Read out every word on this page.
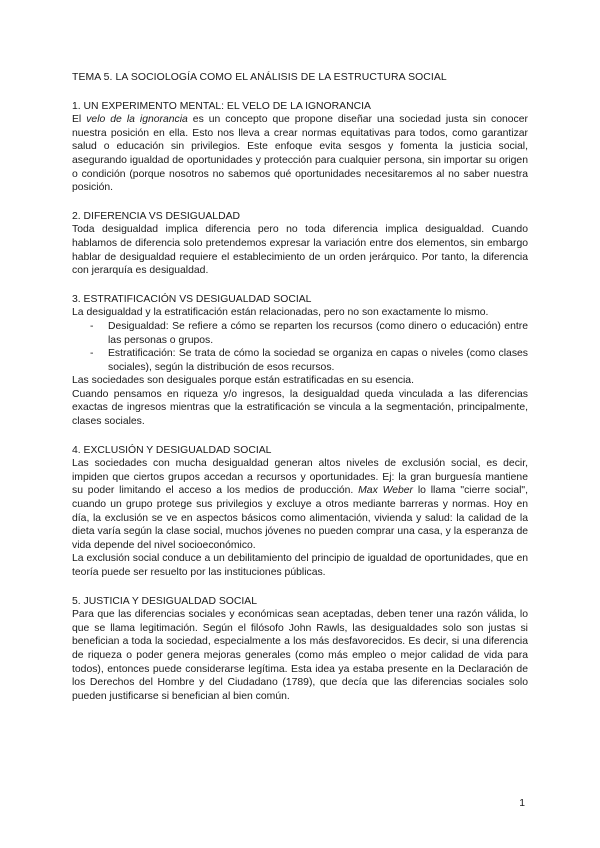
TEMA 5. LA SOCIOLOGÍA COMO EL ANÁLISIS DE LA ESTRUCTURA SOCIAL
1. UN EXPERIMENTO MENTAL: EL VELO DE LA IGNORANCIA

El velo de la ignorancia es un concepto que propone diseñar una sociedad justa sin conocer nuestra posición en ella. Esto nos lleva a crear normas equitativas para todos, como garantizar salud o educación sin privilegios. Este enfoque evita sesgos y fomenta la justicia social, asegurando igualdad de oportunidades y protección para cualquier persona, sin importar su origen o condición (porque nosotros no sabemos qué oportunidades necesitaremos al no saber nuestra posición.

2. DIFERENCIA VS DESIGUALDAD

Toda desigualdad implica diferencia pero no toda diferencia implica desigualdad. Cuando hablamos de diferencia solo pretendemos expresar la variación entre dos elementos, sin embargo hablar de desigualdad requiere el establecimiento de un orden jerárquico. Por tanto, la diferencia con jerarquía es desigualdad.

3. ESTRATIFICACIÓN VS DESIGUALDAD SOCIAL

La desigualdad y la estratificación están relacionadas, pero no son exactamente lo mismo.

- Desigualdad: Se refiere a cómo se reparten los recursos (como dinero o educación) entre las personas o grupos.
- Estratificación: Se trata de cómo la sociedad se organiza en capas o niveles (como clases sociales), según la distribución de esos recursos.

Las sociedades son desiguales porque están estratificadas en su esencia.

Cuando pensamos en riqueza y/o ingresos, la desigualdad queda vinculada a las diferencias exactas de ingresos mientras que la estratificación se vincula a la segmentación, principalmente, clases sociales.

4. EXCLUSIÓN Y DESIGUALDAD SOCIAL

Las sociedades con mucha desigualdad generan altos niveles de exclusión social, es decir, impiden que ciertos grupos accedan a recursos y oportunidades. Ej: la gran burguesía mantiene su poder limitando el acceso a los medios de producción. Max Weber lo llama "cierre social", cuando un grupo protege sus privilegios y excluye a otros mediante barreras y normas. Hoy en día, la exclusión se ve en aspectos básicos como alimentación, vivienda y salud: la calidad de la dieta varía según la clase social, muchos jóvenes no pueden comprar una casa, y la esperanza de vida depende del nivel socioeconómico.

La exclusión social conduce a un debilitamiento del principio de igualdad de oportunidades, que en teoría puede ser resuelto por las instituciones públicas.

5. JUSTICIA Y DESIGUALDAD SOCIAL

Para que las diferencias sociales y económicas sean aceptadas, deben tener una razón válida, lo que se llama legitimación. Según el filósofo John Rawls, las desigualdades solo son justas si benefician a toda la sociedad, especialmente a los más desfavorecidos. Es decir, si una diferencia de riqueza o poder genera mejoras generales (como más empleo o mejor calidad de vida para todos), entonces puede considerarse legítima. Esta idea ya estaba presente en la Declaración de los Derechos del Hombre y del Ciudadano (1789), que decía que las diferencias sociales solo pueden justificarse si benefician al bien común.

1
